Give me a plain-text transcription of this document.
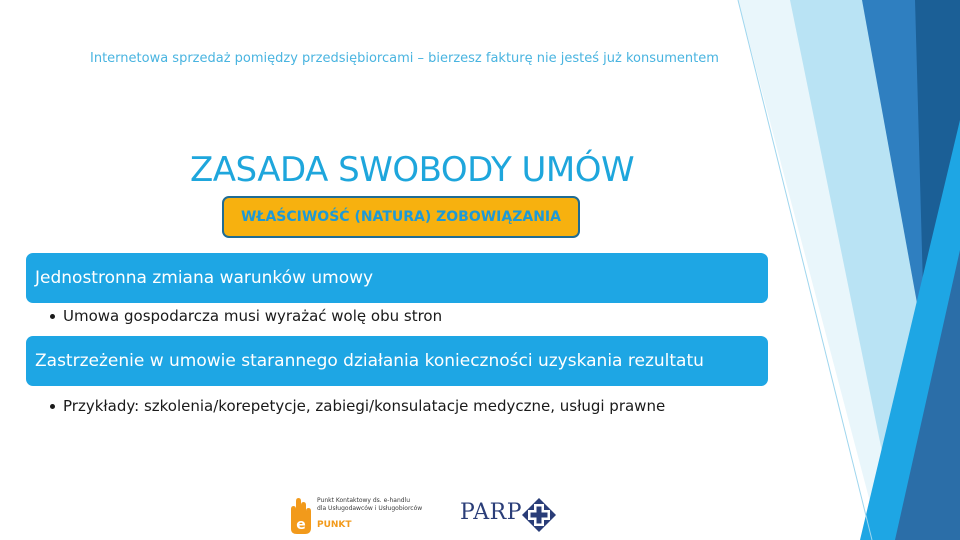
Internetowa sprzedaż pomiędzy przedsiębiorcami – bierzesz fakturę nie jesteś już konsumentem
ZASADA SWOBODY UMÓW
WŁAŚCIWOŚĆ (NATURA) ZOBOWIĄZANIA
Jednostronna zmiana warunków umowy
Umowa gospodarcza musi wyrażać wolę obu stron
Zastrzeżenie w umowie starannego działania konieczności uzyskania rezultatu
Przykłady: szkolenia/korepetycje, zabiegi/konsulatacje medyczne, usługi prawne
e
Punkt Kontaktowy ds. e-handlu
dla Usługodawców i Usługobiorców
PUNKT	PARP
